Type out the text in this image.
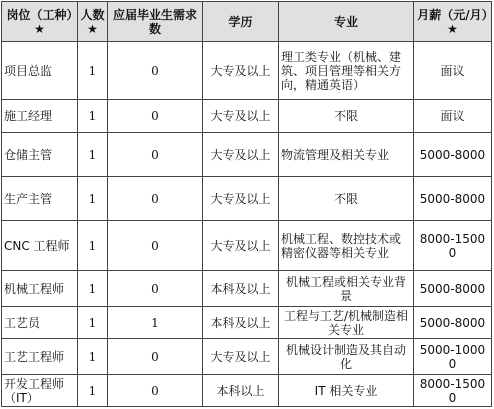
岗位（工种）★	人数★	应届毕业生需求数	学历	专业	月薪（元/月）★
项目总监	1	0	大专及以上	理工类专业（机械、建筑、项目管理等相关方向，精通英语）	面议
施工经理	1	0	大专及以上	不限	面议
仓储主管	1	0	大专及以上	物流管理及相关专业	5000-8000
生产主管	1	0	大专及以上	不限	5000-8000
CNC 工程师	1	0	大专及以上	机械工程、数控技术或精密仪器等相关专业	8000-15000
机械工程师	1	0	本科及以上	机械工程或相关专业背景	5000-8000
工艺员	1	1	本科及以上	工程与工艺/机械制造相关专业	5000-8000
工艺工程师	1	0	大专及以上	机械设计制造及其自动化	5000-10000
开发工程师（IT）	1	0	本科以上	IT 相关专业	8000-15000
